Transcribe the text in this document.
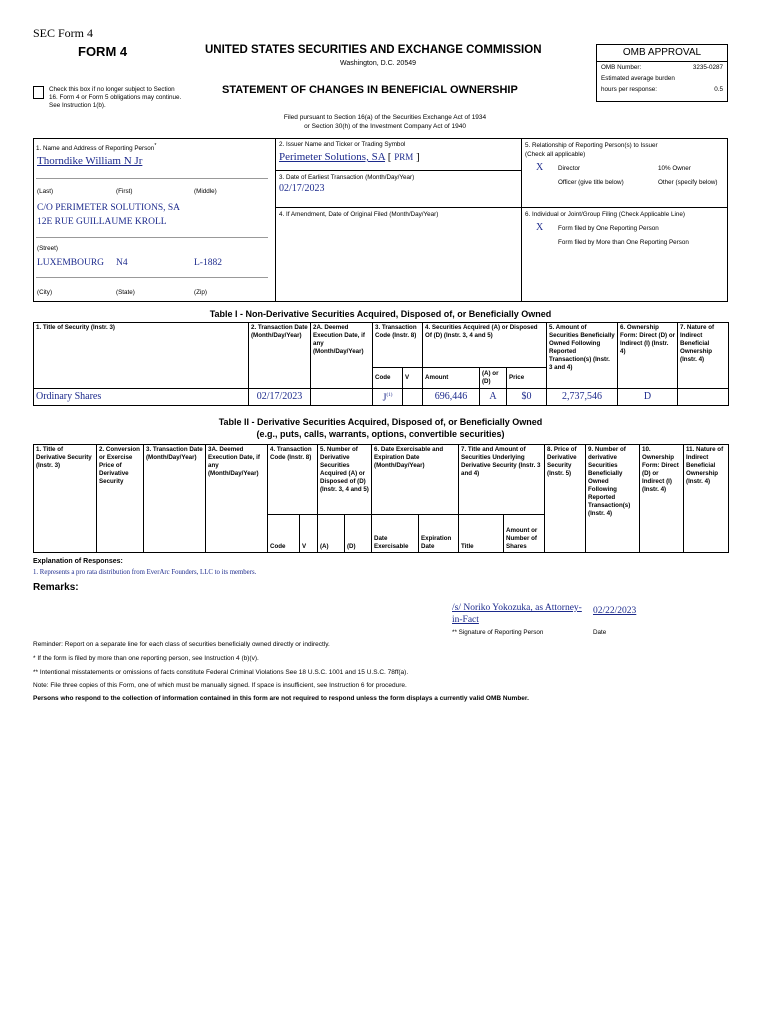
SEC Form 4
FORM 4	UNITED STATES SECURITIES AND EXCHANGE COMMISSION
Washington, D.C. 20549
Check this box if no longer subject to Section 16. Form 4 or Form 5 obligations may continue. See Instruction 1(b).
STATEMENT OF CHANGES IN BENEFICIAL OWNERSHIP
Filed pursuant to Section 16(a) of the Securities Exchange Act of 1934
or Section 30(h) of the Investment Company Act of 1940
OMB APPROVAL
OMB Number:	3235-0287
Estimated average burden
hours per response:	0.5
1. Name and Address of Reporting Person*
Thorndike William N Jr
(Last)	(First)	(Middle)
C/O PERIMETER SOLUTIONS, SA
12E RUE GUILLAUME KROLL
(Street)
LUXEMBOURG N4	L-1882
(City)	(State)	(Zip)
2. Issuer Name and Ticker or Trading Symbol
Perimeter Solutions, SA [ PRM ]
3. Date of Earliest Transaction (Month/Day/Year)
02/17/2023
4. If Amendment, Date of Original Filed (Month/Day/Year)
5. Relationship of Reporting Person(s) to Issuer
(Check all applicable)
X Director	10% Owner
Officer (give title below)	Other (specify below)
6. Individual or Joint/Group Filing (Check Applicable Line)
X Form filed by One Reporting Person
Form filed by More than One Reporting Person
Table I - Non-Derivative Securities Acquired, Disposed of, or Beneficially Owned
1. Title of Security (Instr. 3)	2. Transaction Date (Month/Day/Year)	2A. Deemed Execution Date, if any (Month/Day/Year)	3. Transaction Code (Instr. 8)		4. Securities Acquired (A) or Disposed Of (D) (Instr. 3, 4 and 5)			5. Amount of Securities Beneficially Owned Following Reported Transaction(s) (Instr. 3 and 4)	6. Ownership Form: Direct (D) or Indirect (I) (Instr. 4)	7. Nature of Indirect Beneficial Ownership (Instr. 4)
			Code	V	Amount	(A) or (D)	Price			
Ordinary Shares	02/17/2023		$J^{(1)}$		696,446	A	$0	2,737,546	D	
Table II - Derivative Securities Acquired, Disposed of, or Beneficially Owned
(e.g., puts, calls, warrants, options, convertible securities)
1. Title of Derivative Security (Instr. 3)	2. Conversion or Exercise Price of Derivative Security	3. Transaction Date (Month/Day/Year)	3A. Deemed Execution Date, if any (Month/Day/Year)	4. Transaction Code (Instr. 8)		5. Number of Derivative Securities Acquired (A) or Disposed of (D) (Instr. 3, 4 and 5)		6. Date Exercisable and Expiration Date (Month/Day/Year)		7. Title and Amount of Securities Underlying Derivative Security (Instr. 3 and 4)		8. Price of Derivative Security (Instr. 5)	9. Number of derivative Securities Beneficially Owned Following Reported Transaction(s) (Instr. 4)	10. Ownership Form: Direct (D) or Indirect (I) (Instr. 4)	11. Nature of Indirect Beneficial Ownership (Instr. 4)
				Code	V	(A)	(D)	Date Exercisable	Expiration Date	Title	Amount or Number of Shares				
Explanation of Responses:
1. Represents a pro rata distribution from EverArc Founders, LLC to its members.
Remarks:
/s/ Noriko Yokozuka, as Attorney-in-Fact
02/22/2023
** Signature of Reporting Person	Date
Reminder: Report on a separate line for each class of securities beneficially owned directly or indirectly.
* If the form is filed by more than one reporting person, see Instruction 4 (b)(v).
** Intentional misstatements or omissions of facts constitute Federal Criminal Violations See 18 U.S.C. 1001 and 15 U.S.C. 78ff(a).
Note: File three copies of this Form, one of which must be manually signed. If space is insufficient, see Instruction 6 for procedure.
Persons who respond to the collection of information contained in this form are not required to respond unless the form displays a currently valid OMB Number.
